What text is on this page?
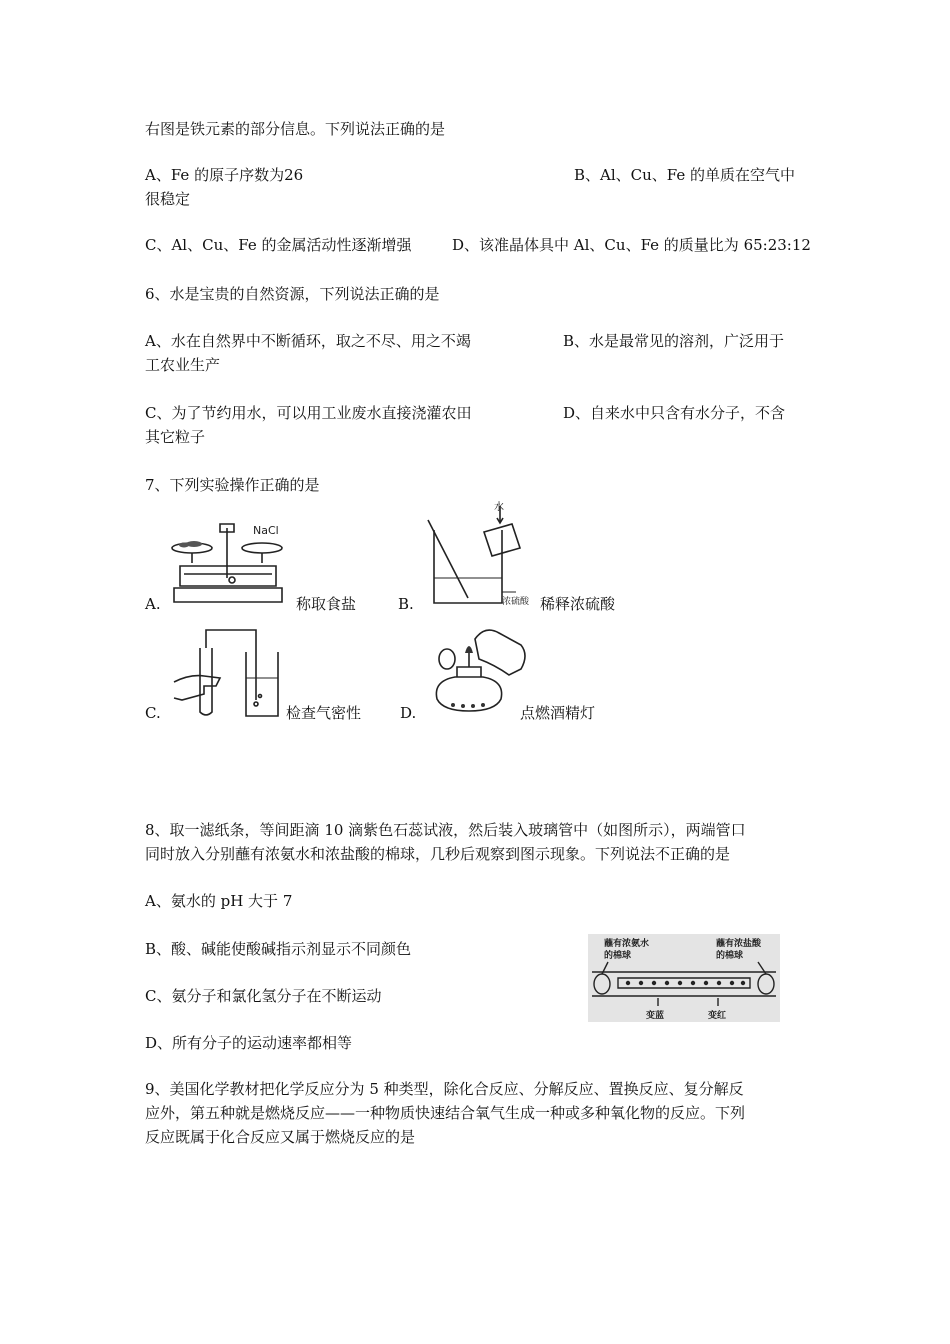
右图是铁元素的部分信息。下列说法正确的是
A、Fe 的原子序数为26	B、Al、Cu、Fe 的单质在空气中
很稳定
C、Al、Cu、Fe 的金属活动性逐渐增强	D、该准晶体具中 Al、Cu、Fe 的质量比为 65:23:12
6、水是宝贵的自然资源，下列说法正确的是
A、水在自然界中不断循环，取之不尽、用之不竭	B、水是最常见的溶剂，广泛用于
工农业生产
C、为了节约用水，可以用工业废水直接浇灌农田	D、自来水中只含有水分子，不含
其它粒子
7、下列实验操作正确的是
A.
NaCl
称取食盐	B.
水
浓硫酸 稀释浓硫酸
C.	检查气密性	D.	点燃酒精灯
8、取一滤纸条，等间距滴 10 滴紫色石蕊试液，然后装入玻璃管中（如图所示），两端管口
同时放入分别蘸有浓氨水和浓盐酸的棉球，几秒后观察到图示现象。下列说法不正确的是
A、氨水的 pH 大于 7
B、酸、碱能使酸碱指示剂显示不同颜色
C、氨分子和氯化氢分子在不断运动
D、所有分子的运动速率都相等
蘸有浓氨水
的棉球
蘸有浓盐酸
的棉球
变蓝	变红
9、美国化学教材把化学反应分为 5 种类型，除化合反应、分解反应、置换反应、复分解反
应外，第五种就是燃烧反应——一种物质快速结合氧气生成一种或多种氧化物的反应。下列
反应既属于化合反应又属于燃烧反应的是
